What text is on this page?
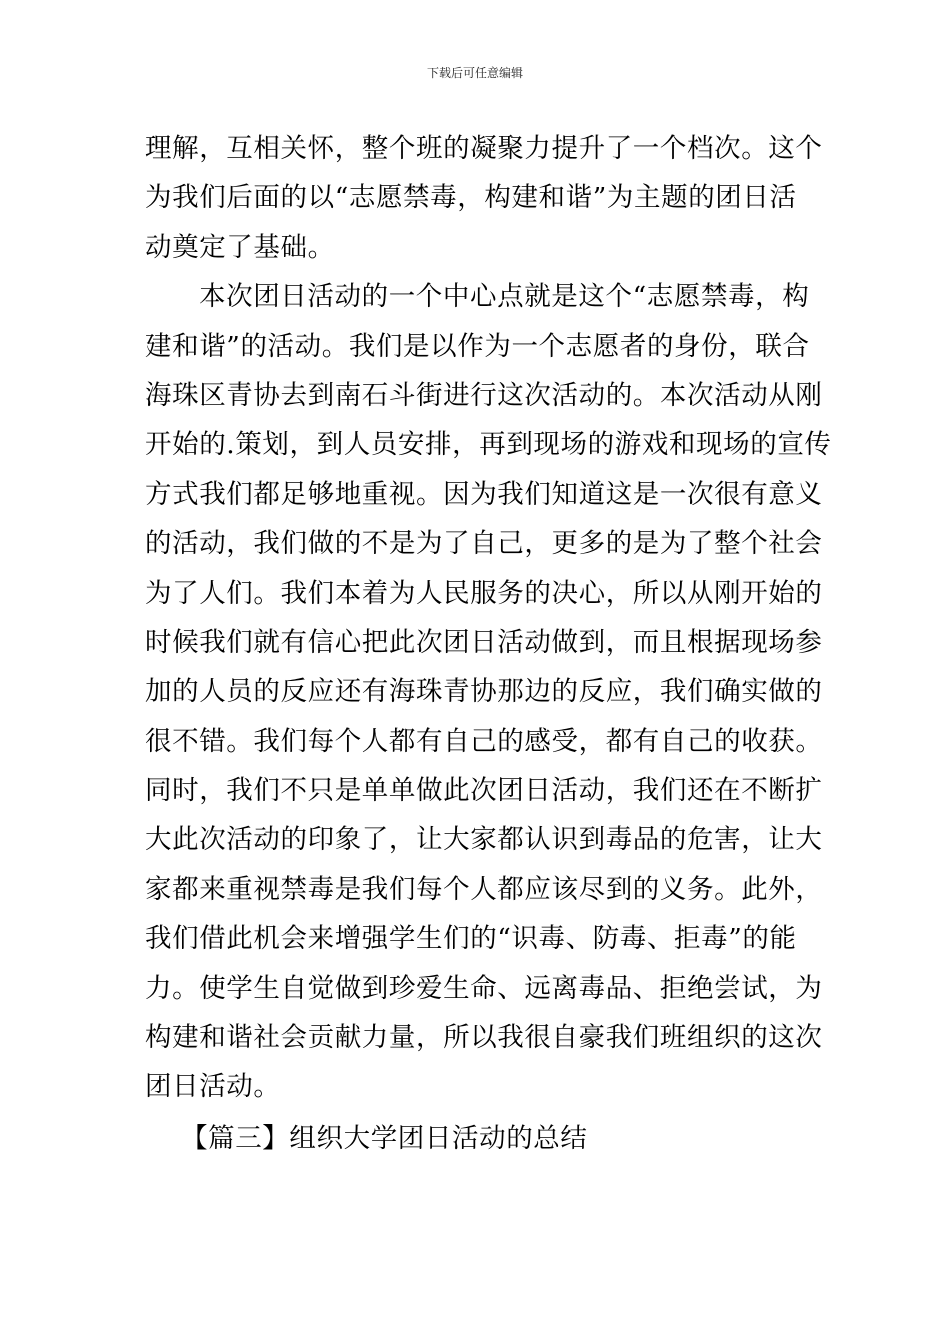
下载后可任意编辑
理解，互相关怀，整个班的凝聚力提升了一个档次。这个
为我们后面的以“志愿禁毒，构建和谐”为主题的团日活
动奠定了基础。
本次团日活动的一个中心点就是这个“志愿禁毒，构
建和谐”的活动。我们是以作为一个志愿者的身份，联合
海珠区青协去到南石斗街进行这次活动的。本次活动从刚
开始的.策划，到人员安排，再到现场的游戏和现场的宣传
方式我们都足够地重视。因为我们知道这是一次很有意义
的活动，我们做的不是为了自己，更多的是为了整个社会
为了人们。我们本着为人民服务的决心，所以从刚开始的
时候我们就有信心把此次团日活动做到，而且根据现场参
加的人员的反应还有海珠青协那边的反应，我们确实做的
很不错。我们每个人都有自己的感受，都有自己的收获。
同时，我们不只是单单做此次团日活动，我们还在不断扩
大此次活动的印象了，让大家都认识到毒品的危害，让大
家都来重视禁毒是我们每个人都应该尽到的义务。此外，
我们借此机会来增强学生们的“识毒、防毒、拒毒”的能
力。使学生自觉做到珍爱生命、远离毒品、拒绝尝试，为
构建和谐社会贡献力量，所以我很自豪我们班组织的这次
团日活动。
【篇三】组织大学团日活动的总结
